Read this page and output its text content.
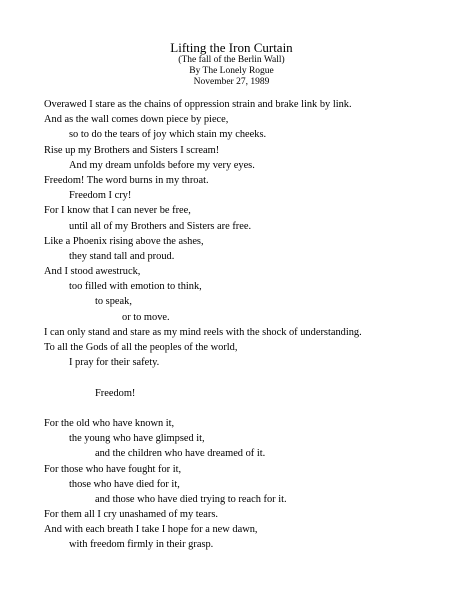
Lifting the Iron Curtain
(The fall of the Berlin Wall)
By The Lonely Rogue
November 27, 1989
Overawed I stare as the chains of oppression strain and brake link by link.
And as the wall comes down piece by piece,
so to do the tears of joy which stain my cheeks.
Rise up my Brothers and Sisters I scream!
And my dream unfolds before my very eyes.
Freedom! The word burns in my throat.
Freedom I cry!
For I know that I can never be free,
until all of my Brothers and Sisters are free.
Like a Phoenix rising above the ashes,
they stand tall and proud.
And I stood awestruck,
too filled with emotion to think,
to speak,
or to move.
I can only stand and stare as my mind reels with the shock of understanding.
To all the Gods of all the peoples of the world,
I pray for their safety.
Freedom!
For the old who have known it,
the young who have glimpsed it,
and the children who have dreamed of it.
For those who have fought for it,
those who have died for it,
and those who have died trying to reach for it.
For them all I cry unashamed of my tears.
And with each breath I take I hope for a new dawn,
with freedom firmly in their grasp.
